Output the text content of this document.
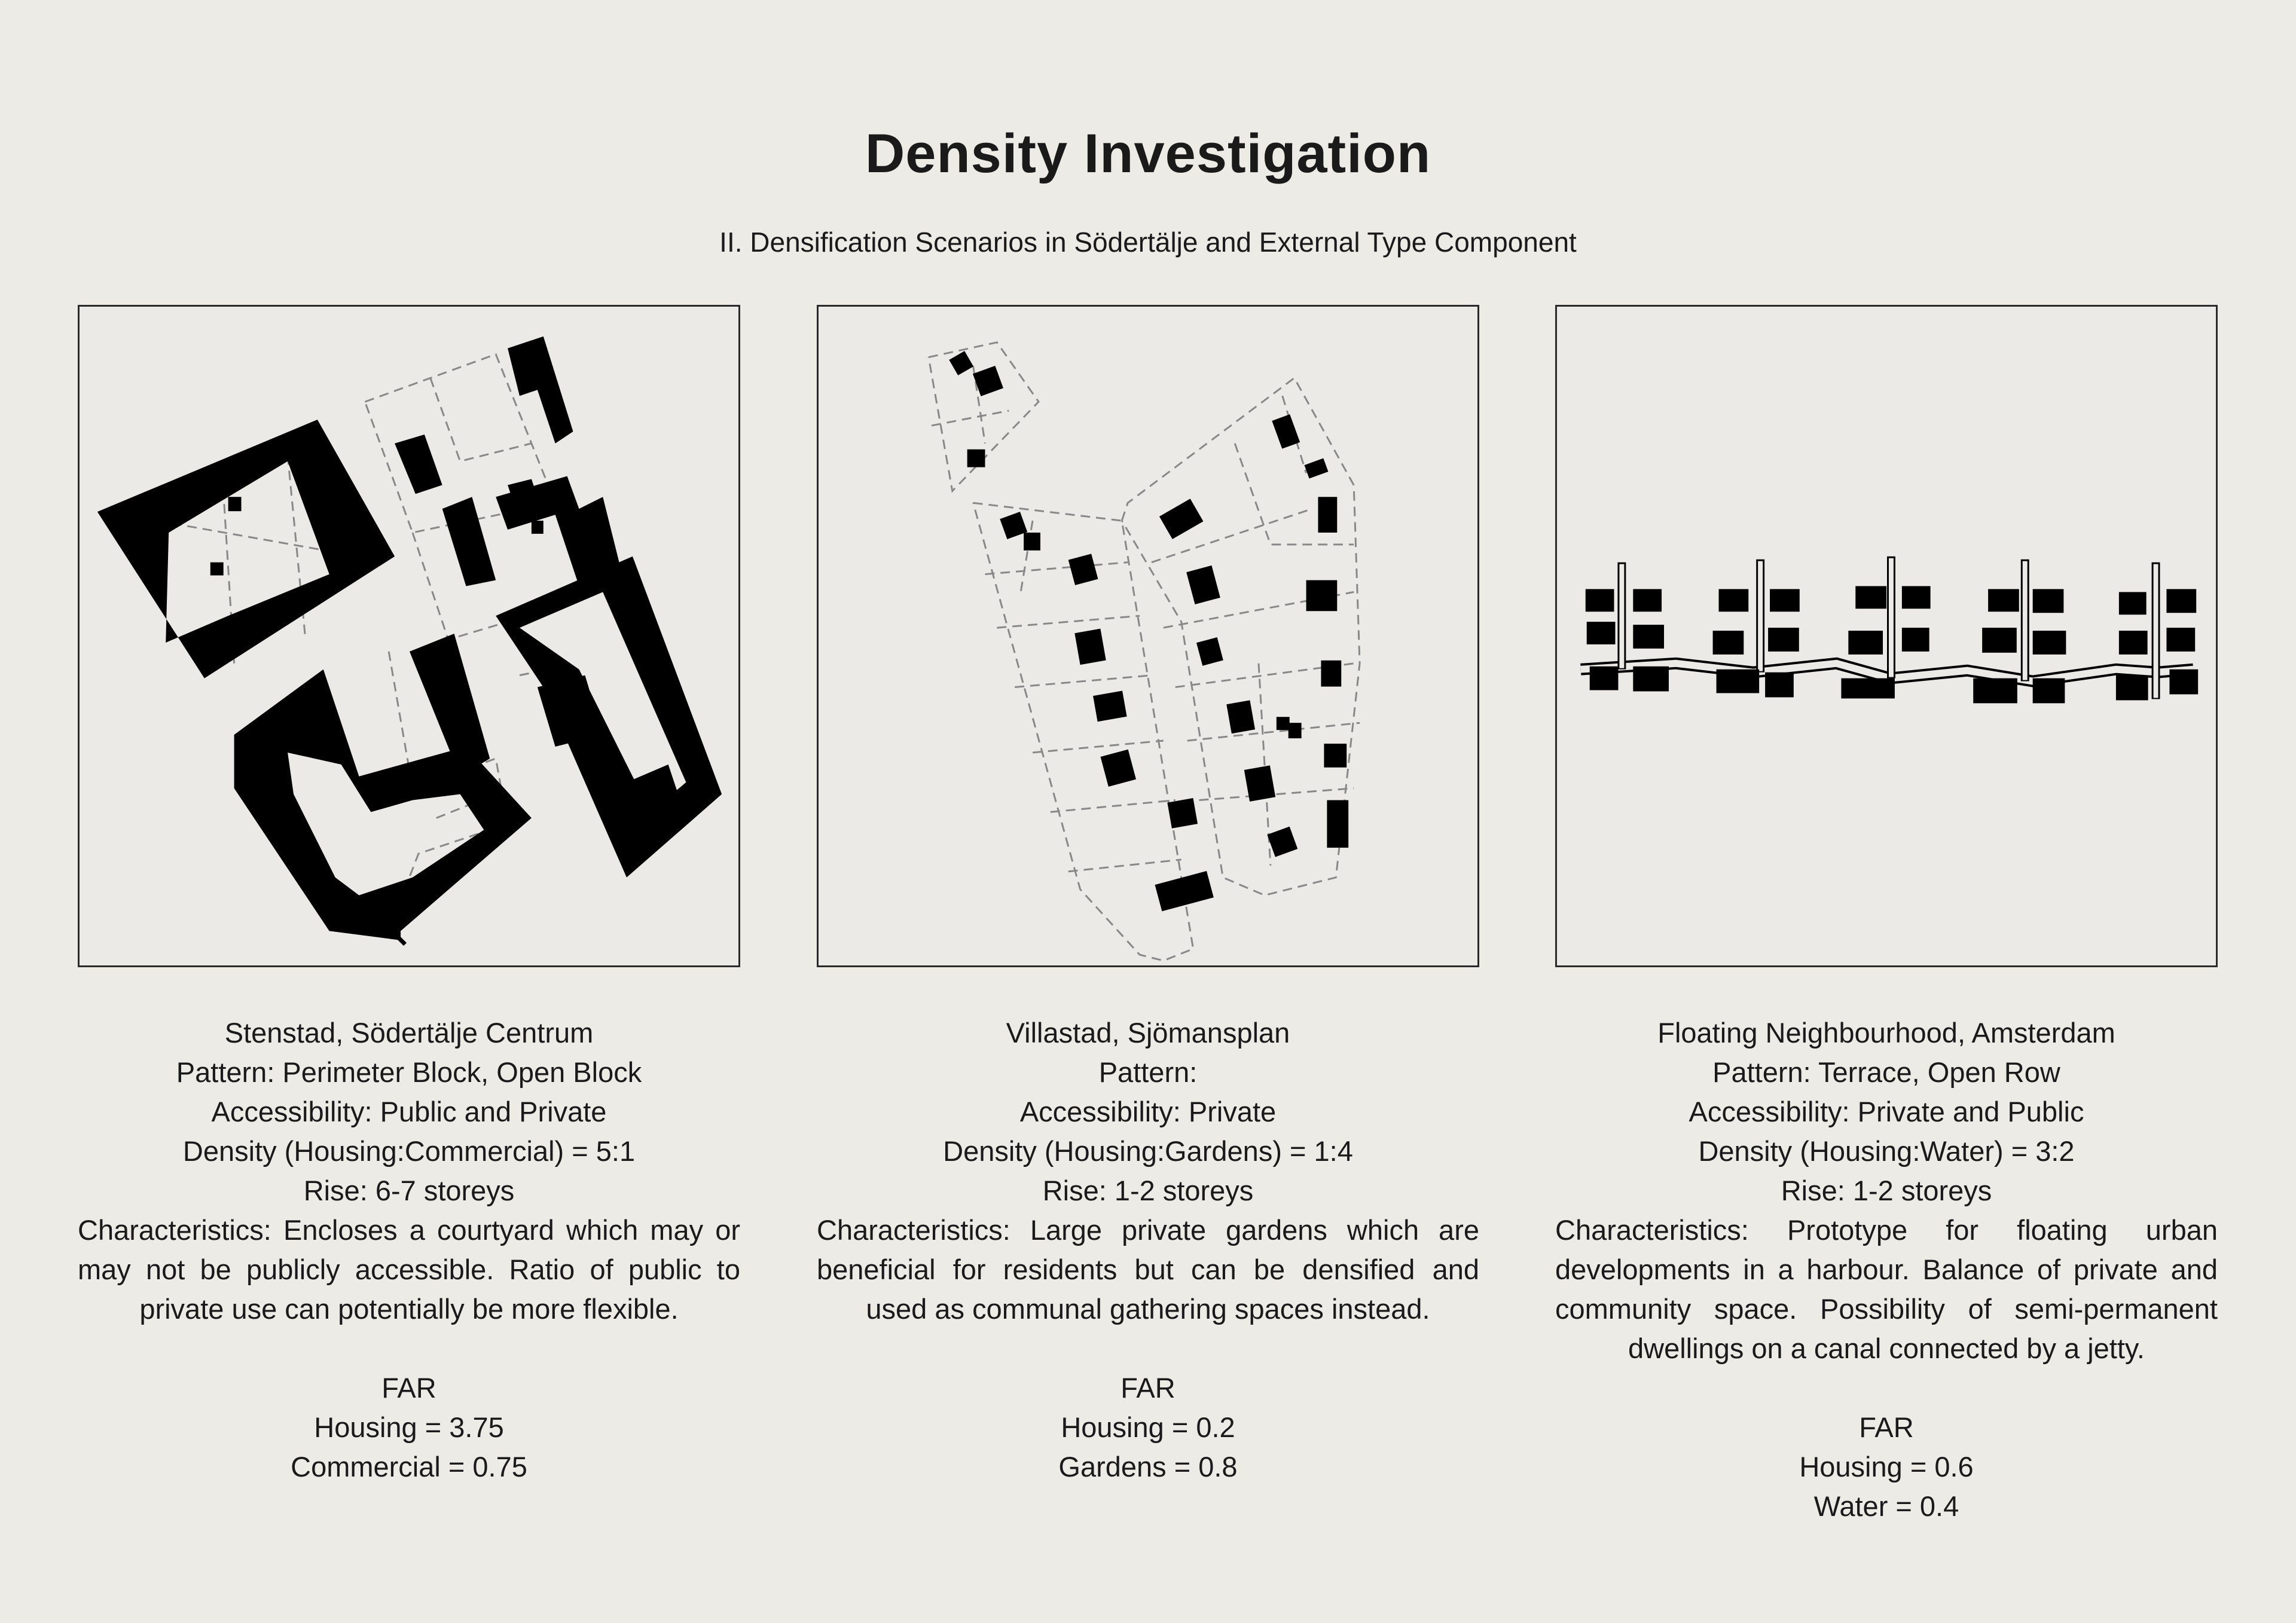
Density Investigation
II. Densification Scenarios in Södertälje and External Type Component
Stenstad, Södertälje Centrum
Pattern: Perimeter Block, Open Block
Accessibility: Public and Private
Density (Housing:Commercial) = 5:1
Rise: 6-7 storeys
Characteristics: Encloses a courtyard which may or may not be publicly accessible. Ratio of public to private use can potentially be more flexible.
FAR
Housing = 3.75
Commercial = 0.75
Villastad, Sjömansplan
Pattern:
Accessibility: Private
Density (Housing:Gardens) = 1:4
Rise: 1-2 storeys
Characteristics: Large private gardens which are beneficial for residents but can be densified and used as communal gathering spaces instead.
FAR
Housing = 0.2
Gardens = 0.8
Floating Neighbourhood, Amsterdam
Pattern: Terrace, Open Row
Accessibility: Private and Public
Density (Housing:Water) = 3:2
Rise: 1-2 storeys
Characteristics: Prototype for floating urban developments in a harbour. Balance of private and community space. Possibility of semi-permanent dwellings on a canal connected by a jetty.
FAR
Housing = 0.6
Water = 0.4
